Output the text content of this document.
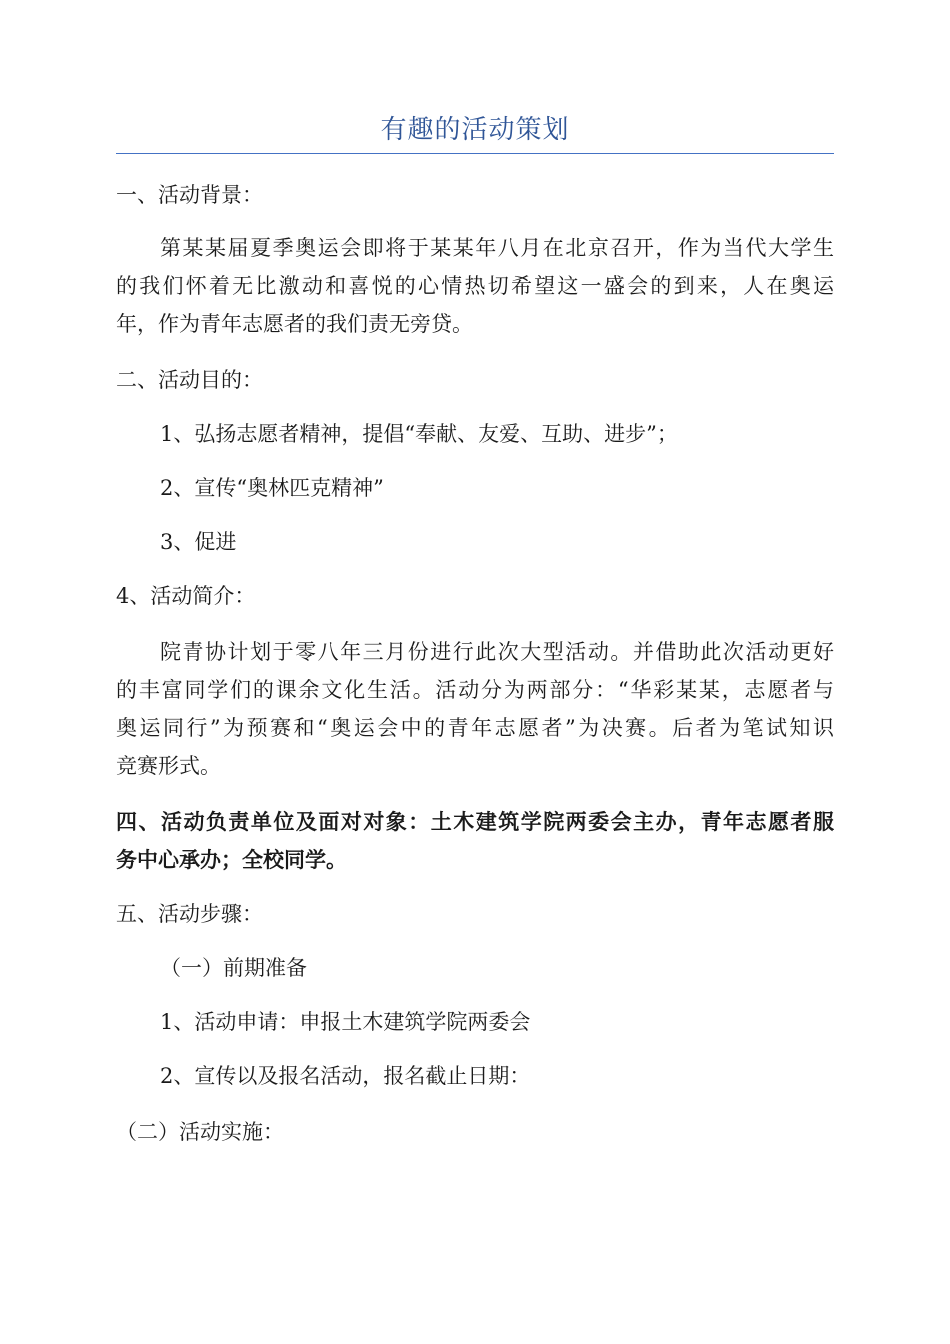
有趣的活动策划
一、活动背景：
第某某届夏季奥运会即将于某某年八月在北京召开，作为当代大学生
的我们怀着无比激动和喜悦的心情热切希望这一盛会的到来，人在奥运
年，作为青年志愿者的我们责无旁贷。
二、活动目的：
1、弘扬志愿者精神，提倡“奉献、友爱、互助、进步”；
2、宣传“奥林匹克精神”
3、促进
4、活动简介：
院青协计划于零八年三月份进行此次大型活动。并借助此次活动更好
的丰富同学们的课余文化生活。活动分为两部分：“华彩某某，志愿者与
奥运同行”为预赛和“奥运会中的青年志愿者”为决赛。后者为笔试知识
竞赛形式。
四、活动负责单位及面对对象：土木建筑学院两委会主办，青年志愿者服
务中心承办；全校同学。
五、活动步骤：
（一）前期准备
1、活动申请：申报土木建筑学院两委会
2、宣传以及报名活动，报名截止日期：
（二）活动实施：
